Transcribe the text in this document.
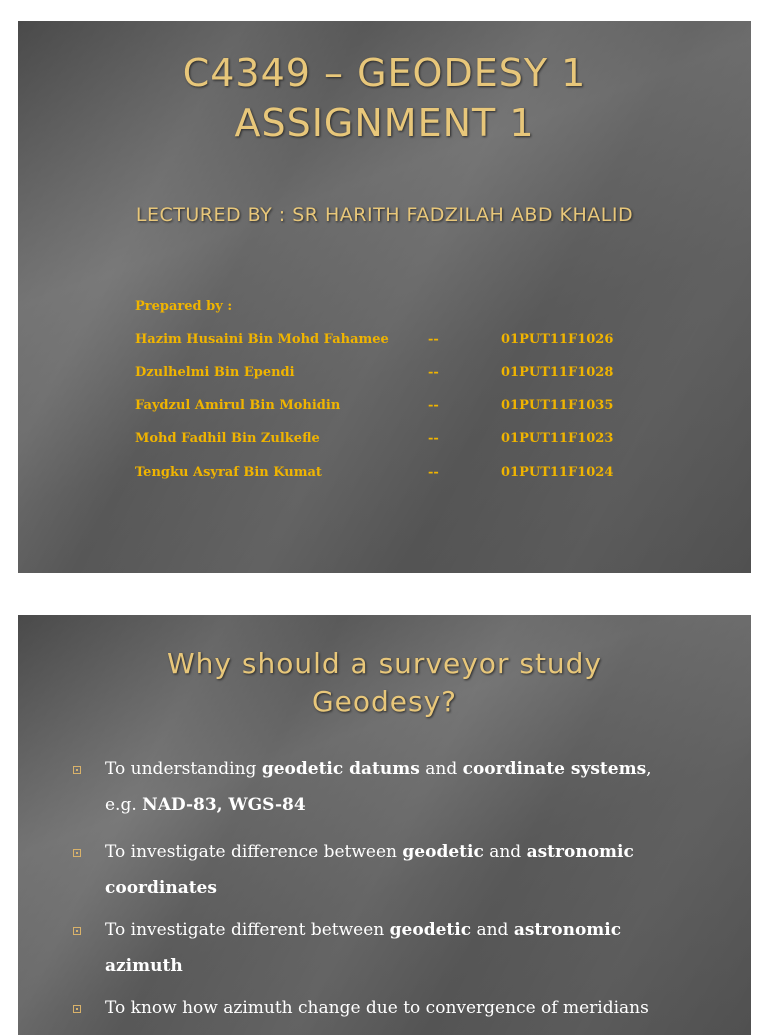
C4349 – GEODESY 1
ASSIGNMENT 1
LECTURED BY : SR HARITH FADZILAH ABD KHALID
Prepared by :
Hazim Husaini Bin Mohd Fahamee	--	01PUT11F1026
Dzulhelmi Bin Ependi	--	01PUT11F1028
Faydzul Amirul Bin Mohidin	--	01PUT11F1035
Mohd Fadhil Bin Zulkefle	--	01PUT11F1023
Tengku Asyraf Bin Kumat	--	01PUT11F1024
Why should a surveyor study
Geodesy?
To understanding geodetic datums and coordinate systems,
e.g. NAD-83, WGS-84
To investigate difference between geodetic and astronomic
coordinates
To investigate different between geodetic and astronomic
azimuth
To know how azimuth change due to convergence of meridians
